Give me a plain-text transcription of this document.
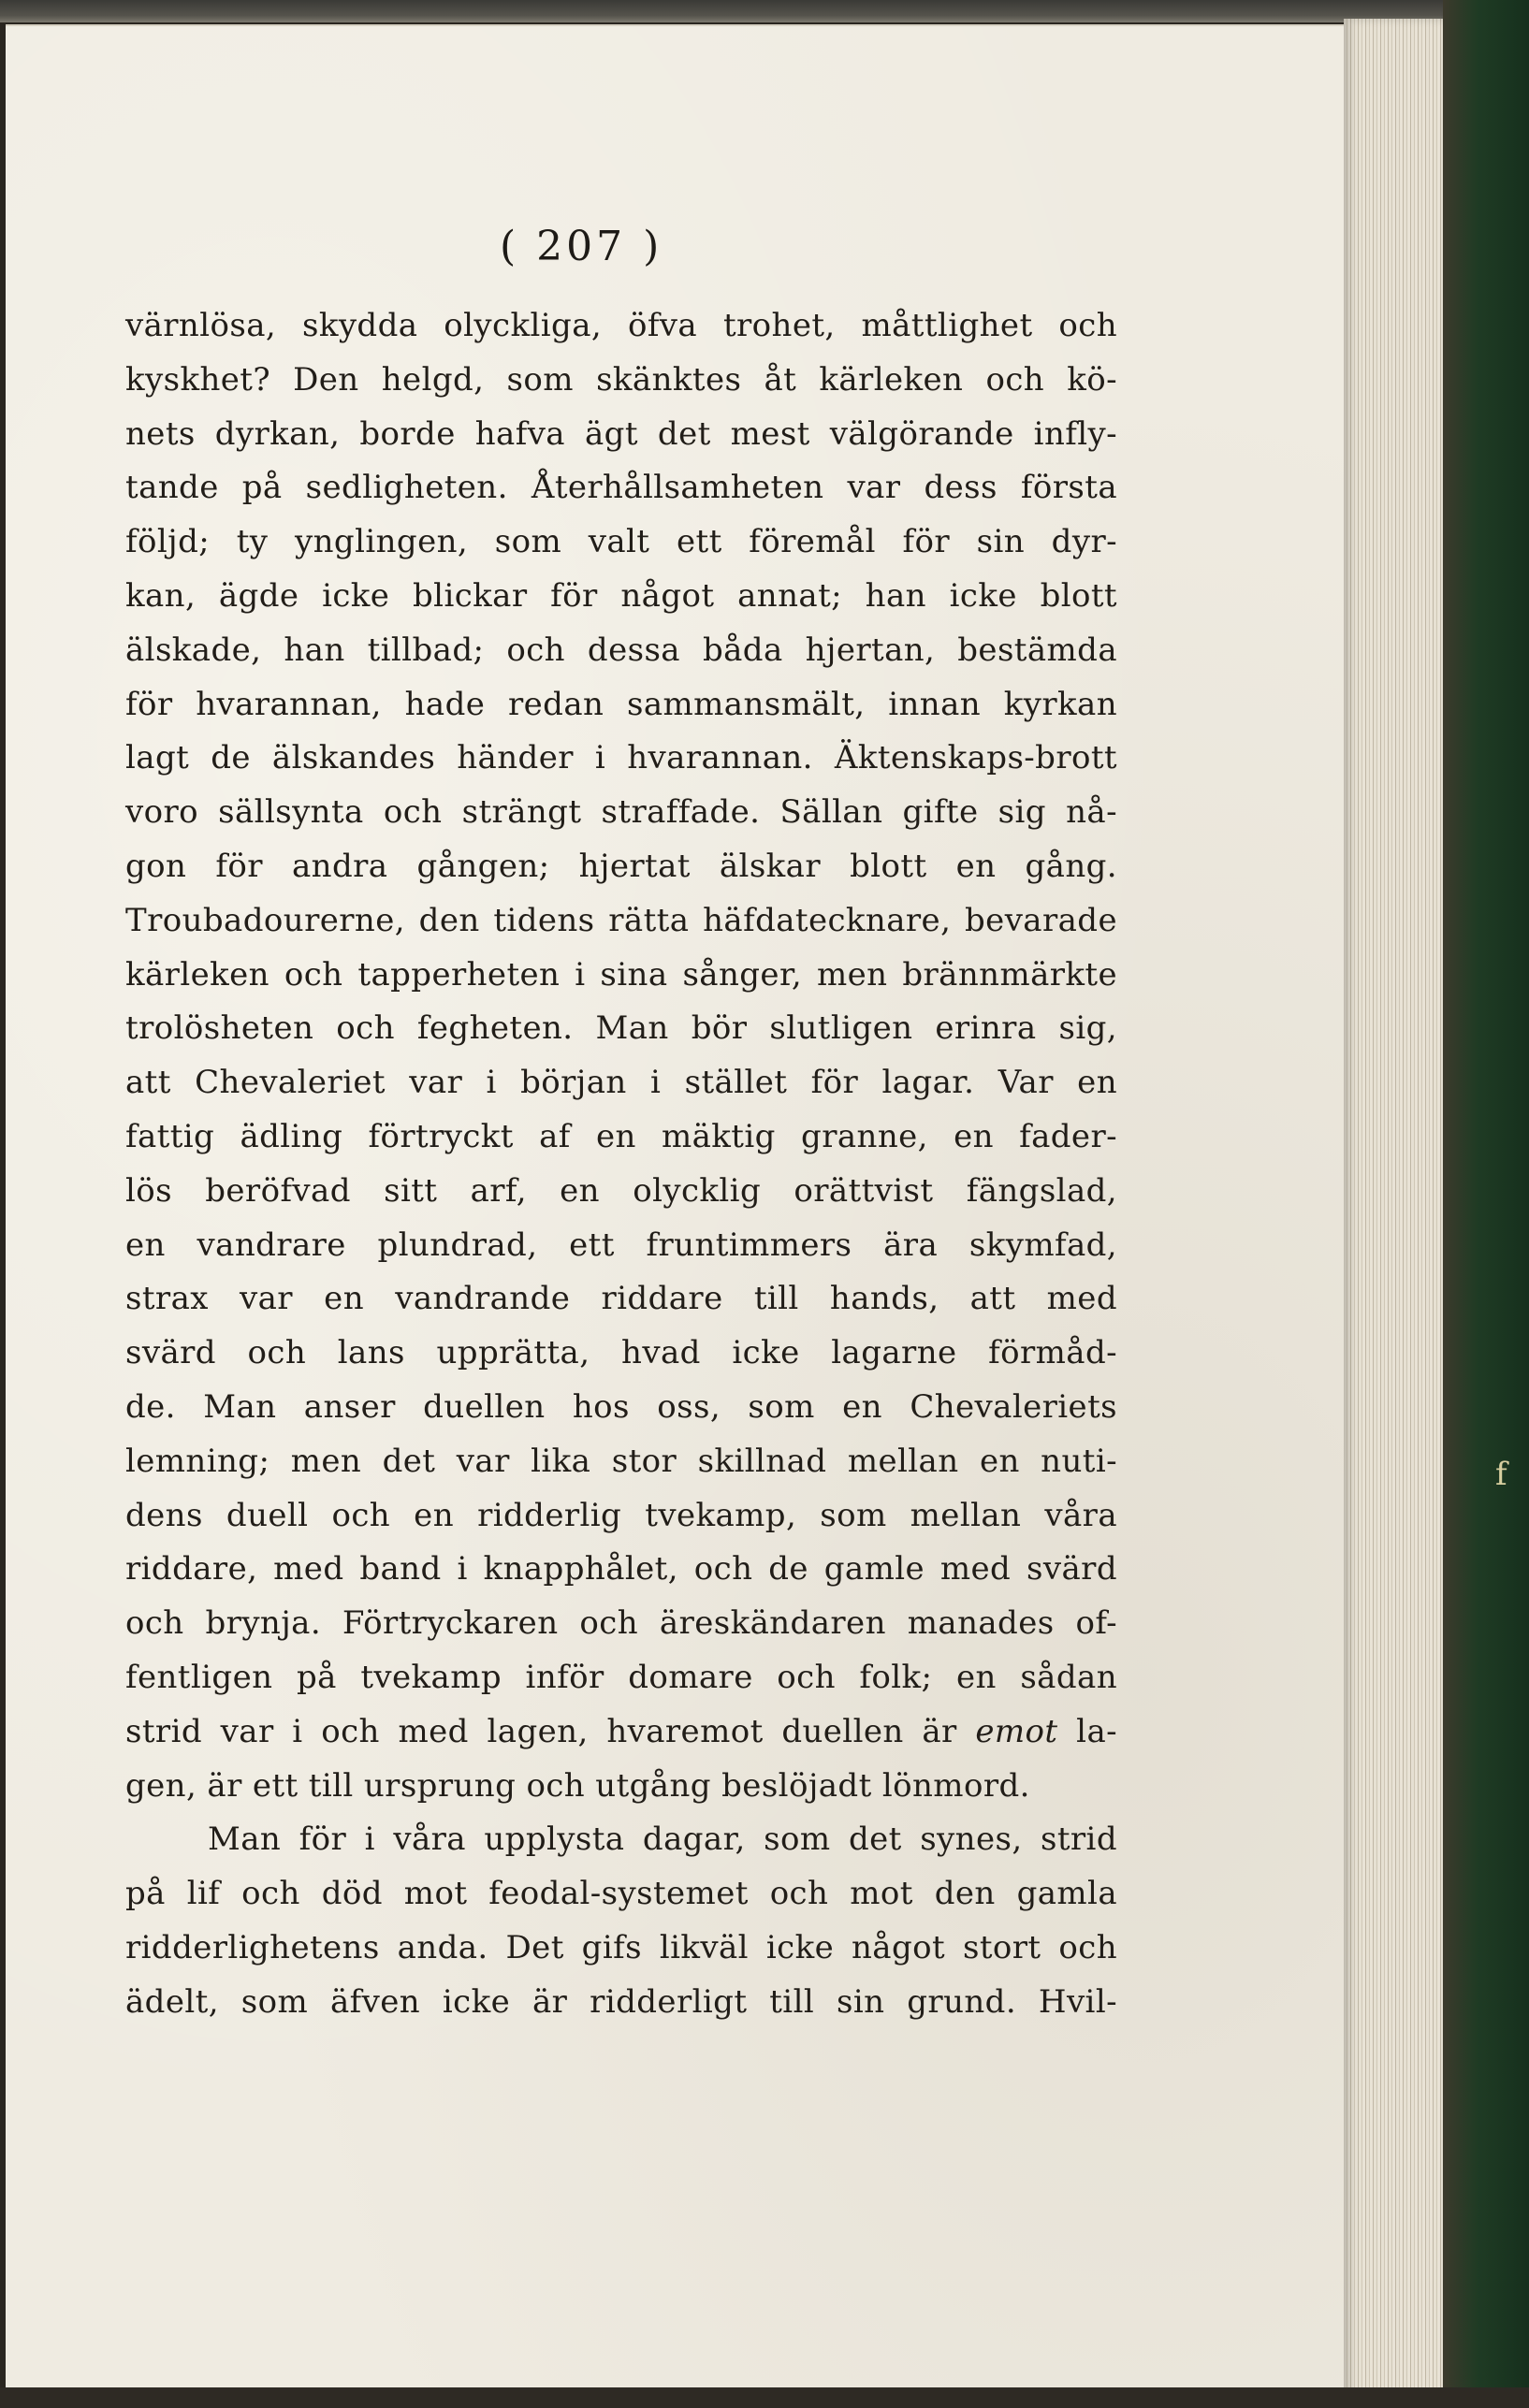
( 207 )
värnlösa, skydda olyckliga, öfva trohet, måttlighet och
kyskhet? Den helgd, som skänktes åt kärleken och kö-
nets dyrkan, borde hafva ägt det mest välgörande infly-
tande på sedligheten. Återhållsamheten var dess första
följd; ty ynglingen, som valt ett föremål för sin dyr-
kan, ägde icke blickar för något annat; han icke blott
älskade, han tillbad; och dessa båda hjertan, bestämda
för hvarannan, hade redan sammansmält, innan kyrkan
lagt de älskandes händer i hvarannan. Äktenskaps-brott
voro sällsynta och strängt straffade. Sällan gifte sig nå-
gon för andra gången; hjertat älskar blott en gång.
Troubadourerne, den tidens rätta häfdatecknare, bevarade
kärleken och tapperheten i sina sånger, men brännmärkte
trolösheten och fegheten. Man bör slutligen erinra sig,
att Chevaleriet var i början i stället för lagar. Var en
fattig ädling förtryckt af en mäktig granne, en fader-
lös beröfvad sitt arf, en olycklig orättvist fängslad,
en vandrare plundrad, ett fruntimmers ära skymfad,
strax var en vandrande riddare till hands, att med
svärd och lans upprätta, hvad icke lagarne förmåd-
de. Man anser duellen hos oss, som en Chevaleriets
lemning; men det var lika stor skillnad mellan en nuti-
dens duell och en ridderlig tvekamp, som mellan våra
riddare, med band i knapphålet, och de gamle med svärd
och brynja. Förtryckaren och äreskändaren manades of-
fentligen på tvekamp inför domare och folk; en sådan
strid var i och med lagen, hvaremot duellen är emot la-
gen, är ett till ursprung och utgång beslöjadt lönmord.
Man för i våra upplysta dagar, som det synes, strid
på lif och död mot feodal-systemet och mot den gamla
ridderlighetens anda. Det gifs likväl icke något stort och
ädelt, som äfven icke är ridderligt till sin grund. Hvil-
f
